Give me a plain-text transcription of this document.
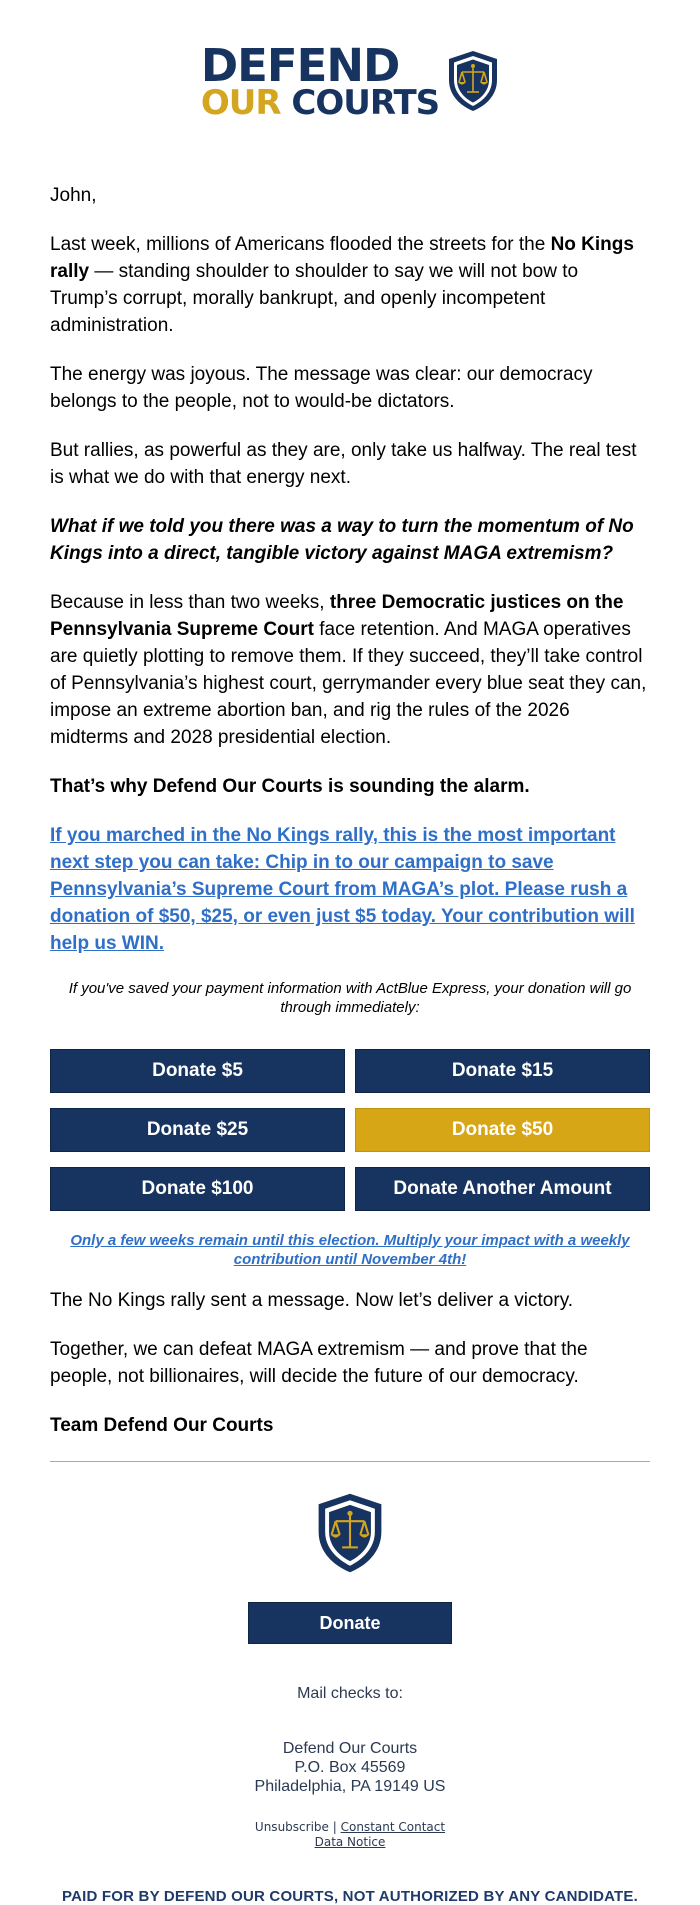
DEFEND
OUR COURTS

John,

Last week, millions of Americans flooded the streets for the No Kings rally — standing shoulder to shoulder to say we will not bow to Trump’s corrupt, morally bankrupt, and openly incompetent administration.

The energy was joyous. The message was clear: our democracy belongs to the people, not to would-be dictators.

But rallies, as powerful as they are, only take us halfway. The real test is what we do with that energy next.

What if we told you there was a way to turn the momentum of No Kings into a direct, tangible victory against MAGA extremism?

Because in less than two weeks, three Democratic justices on the Pennsylvania Supreme Court face retention. And MAGA operatives are quietly plotting to remove them. If they succeed, they’ll take control of Pennsylvania’s highest court, gerrymander every blue seat they can, impose an extreme abortion ban, and rig the rules of the 2026 midterms and 2028 presidential election.

That’s why Defend Our Courts is sounding the alarm.

If you marched in the No Kings rally, this is the most important next step you can take: Chip in to our campaign to save Pennsylvania’s Supreme Court from MAGA’s plot. Please rush a donation of $50, $25, or even just $5 today. Your contribution will help us WIN.
If you've saved your payment information with ActBlue Express, your donation will go through immediately:
Donate $5	Donate $15
Donate $25	Donate $50
Donate $100	Donate Another Amount
Only a few weeks remain until this election. Multiply your impact with a weekly contribution until November 4th!

The No Kings rally sent a message. Now let’s deliver a victory.

Together, we can defeat MAGA extremism — and prove that the people, not billionaires, will decide the future of our democracy.

Team Defend Our Courts

Donate
Mail checks to:
Defend Our Courts
P.O. Box 45569
Philadelphia, PA 19149 US
Unsubscribe | Constant Contact
Data Notice
PAID FOR BY DEFEND OUR COURTS, NOT AUTHORIZED BY ANY CANDIDATE.
